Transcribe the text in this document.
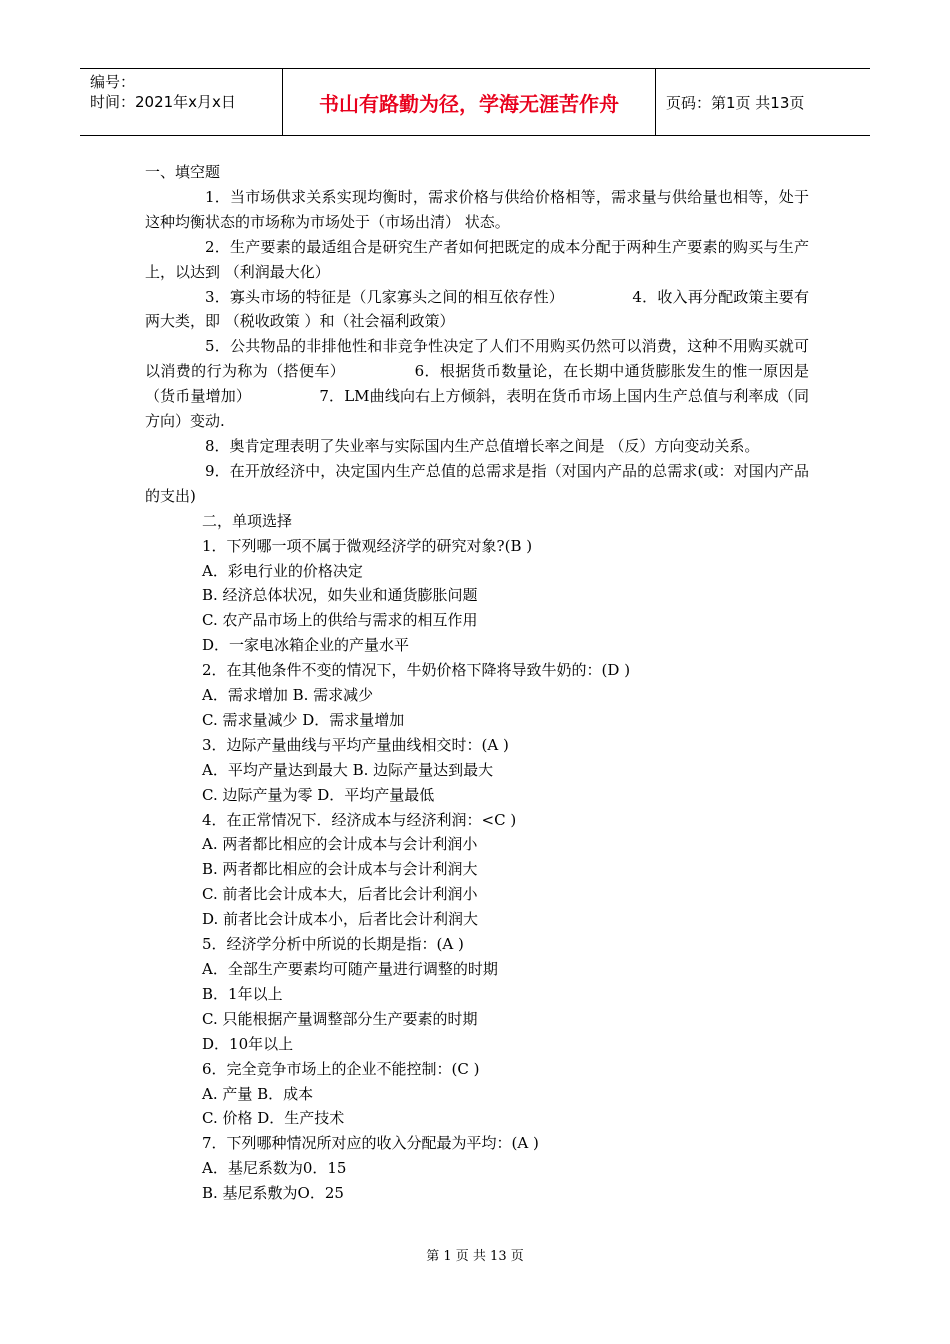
编号：
时间：2021年x月x日	书山有路勤为径，学海无涯苦作舟	页码：第1页 共13页

一、填空题

1．当市场供求关系实现均衡时，需求价格与供给价格相等，需求量与供给量也相等，处于这种均衡状态的市场称为市场处于（市场出清） 状态。

2．生产要素的最适组合是研究生产者如何把既定的成本分配于两种生产要素的购买与生产上，以达到 （利润最大化）

3．寡头市场的特征是（几家寡头之间的相互依存性）　　　　　4．收入再分配政策主要有两大类，即 （税收政策 ）和（社会福利政策）

5．公共物品的非排他性和非竞争性决定了人们不用购买仍然可以消费，这种不用购买就可以消费的行为称为（搭便车）　　　　　6．根据货币数量论，在长期中通货膨胀发生的惟一原因是（货币量增加）　　　　　7．LM曲线向右上方倾斜，表明在货币市场上国内生产总值与利率成（同方向）变动.

8．奥肯定理表明了失业率与实际国内生产总值增长率之间是 （反）方向变动关系。

9．在开放经济中，决定国内生产总值的总需求是指（对国内产品的总需求(或：对国内产品的支出)

二，单项选择

1．下列哪一项不属于微观经济学的研究对象?(B )

A．彩电行业的价格决定

B. 经济总体状况，如失业和通货膨胀问题

C. 农产品市场上的供给与需求的相互作用

D．一家电冰箱企业的产量水平

2．在其他条件不变的情况下，牛奶价格下降将导致牛奶的：(D )

A．需求增加 B. 需求减少

C. 需求量减少 D．需求量增加

3．边际产量曲线与平均产量曲线相交时：(A )

A．平均产量达到最大 B. 边际产量达到最大

C. 边际产量为零 D．平均产量最低

4．在正常情况下．经济成本与经济利润：<C )

A. 两者都比相应的会计成本与会计利润小

B. 两者都比相应的会计成本与会计利润大

C. 前者比会计成本大，后者比会计利润小

D. 前者比会计成本小，后者比会计利润大

5．经济学分析中所说的长期是指：(A )

A．全部生产要素均可随产量进行调整的时期

B．1年以上

C. 只能根据产量调整部分生产要素的时期

D．10年以上

6．完全竞争市场上的企业不能控制：(C )

A. 产量 B．成本

C. 价格 D．生产技术

7．下列哪种情况所对应的收入分配最为平均：(A )

A．基尼系数为0．15

B. 基尼系敷为O．25

第 1 页 共 13 页
